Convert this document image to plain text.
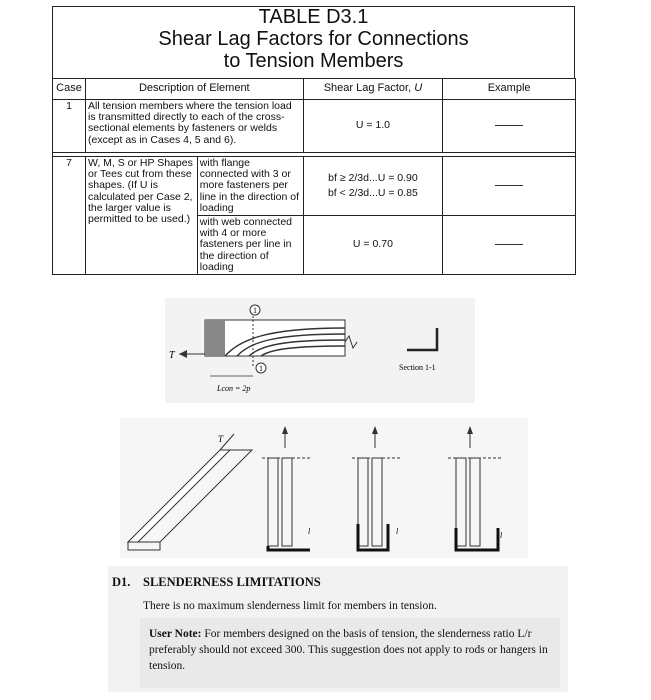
TABLE D3.1
Shear Lag Factors for Connections
to Tension Members
Case	Description of Element		Shear Lag Factor, U	Example
1	All tension members where the tension load is transmitted directly to each of the cross-sectional elements by fasteners or welds (except as in Cases 4, 5 and 6).		U = 1.0	

7	W, M, S or HP Shapes or Tees cut from these shapes. (If U is calculated per Case 2, the larger value is permitted to be used.)	with flange connected with 3 or more fasteners per line in the direction of loading	bf ≥ 2/3d...U = 0.90
bf < 2/3d...U = 0.85	

		with web connected with 4 or more fasteners per line in the direction of loading	U = 0.70	
1
1
T
Lcon = 2p
Section 1-1
T
l	l	l
D1. SLENDERNESS LIMITATIONS
There is no maximum slenderness limit for members in tension.
User Note: For members designed on the basis of tension, the slenderness ratio L/r preferably should not exceed 300. This suggestion does not apply to rods or hangers in tension.
